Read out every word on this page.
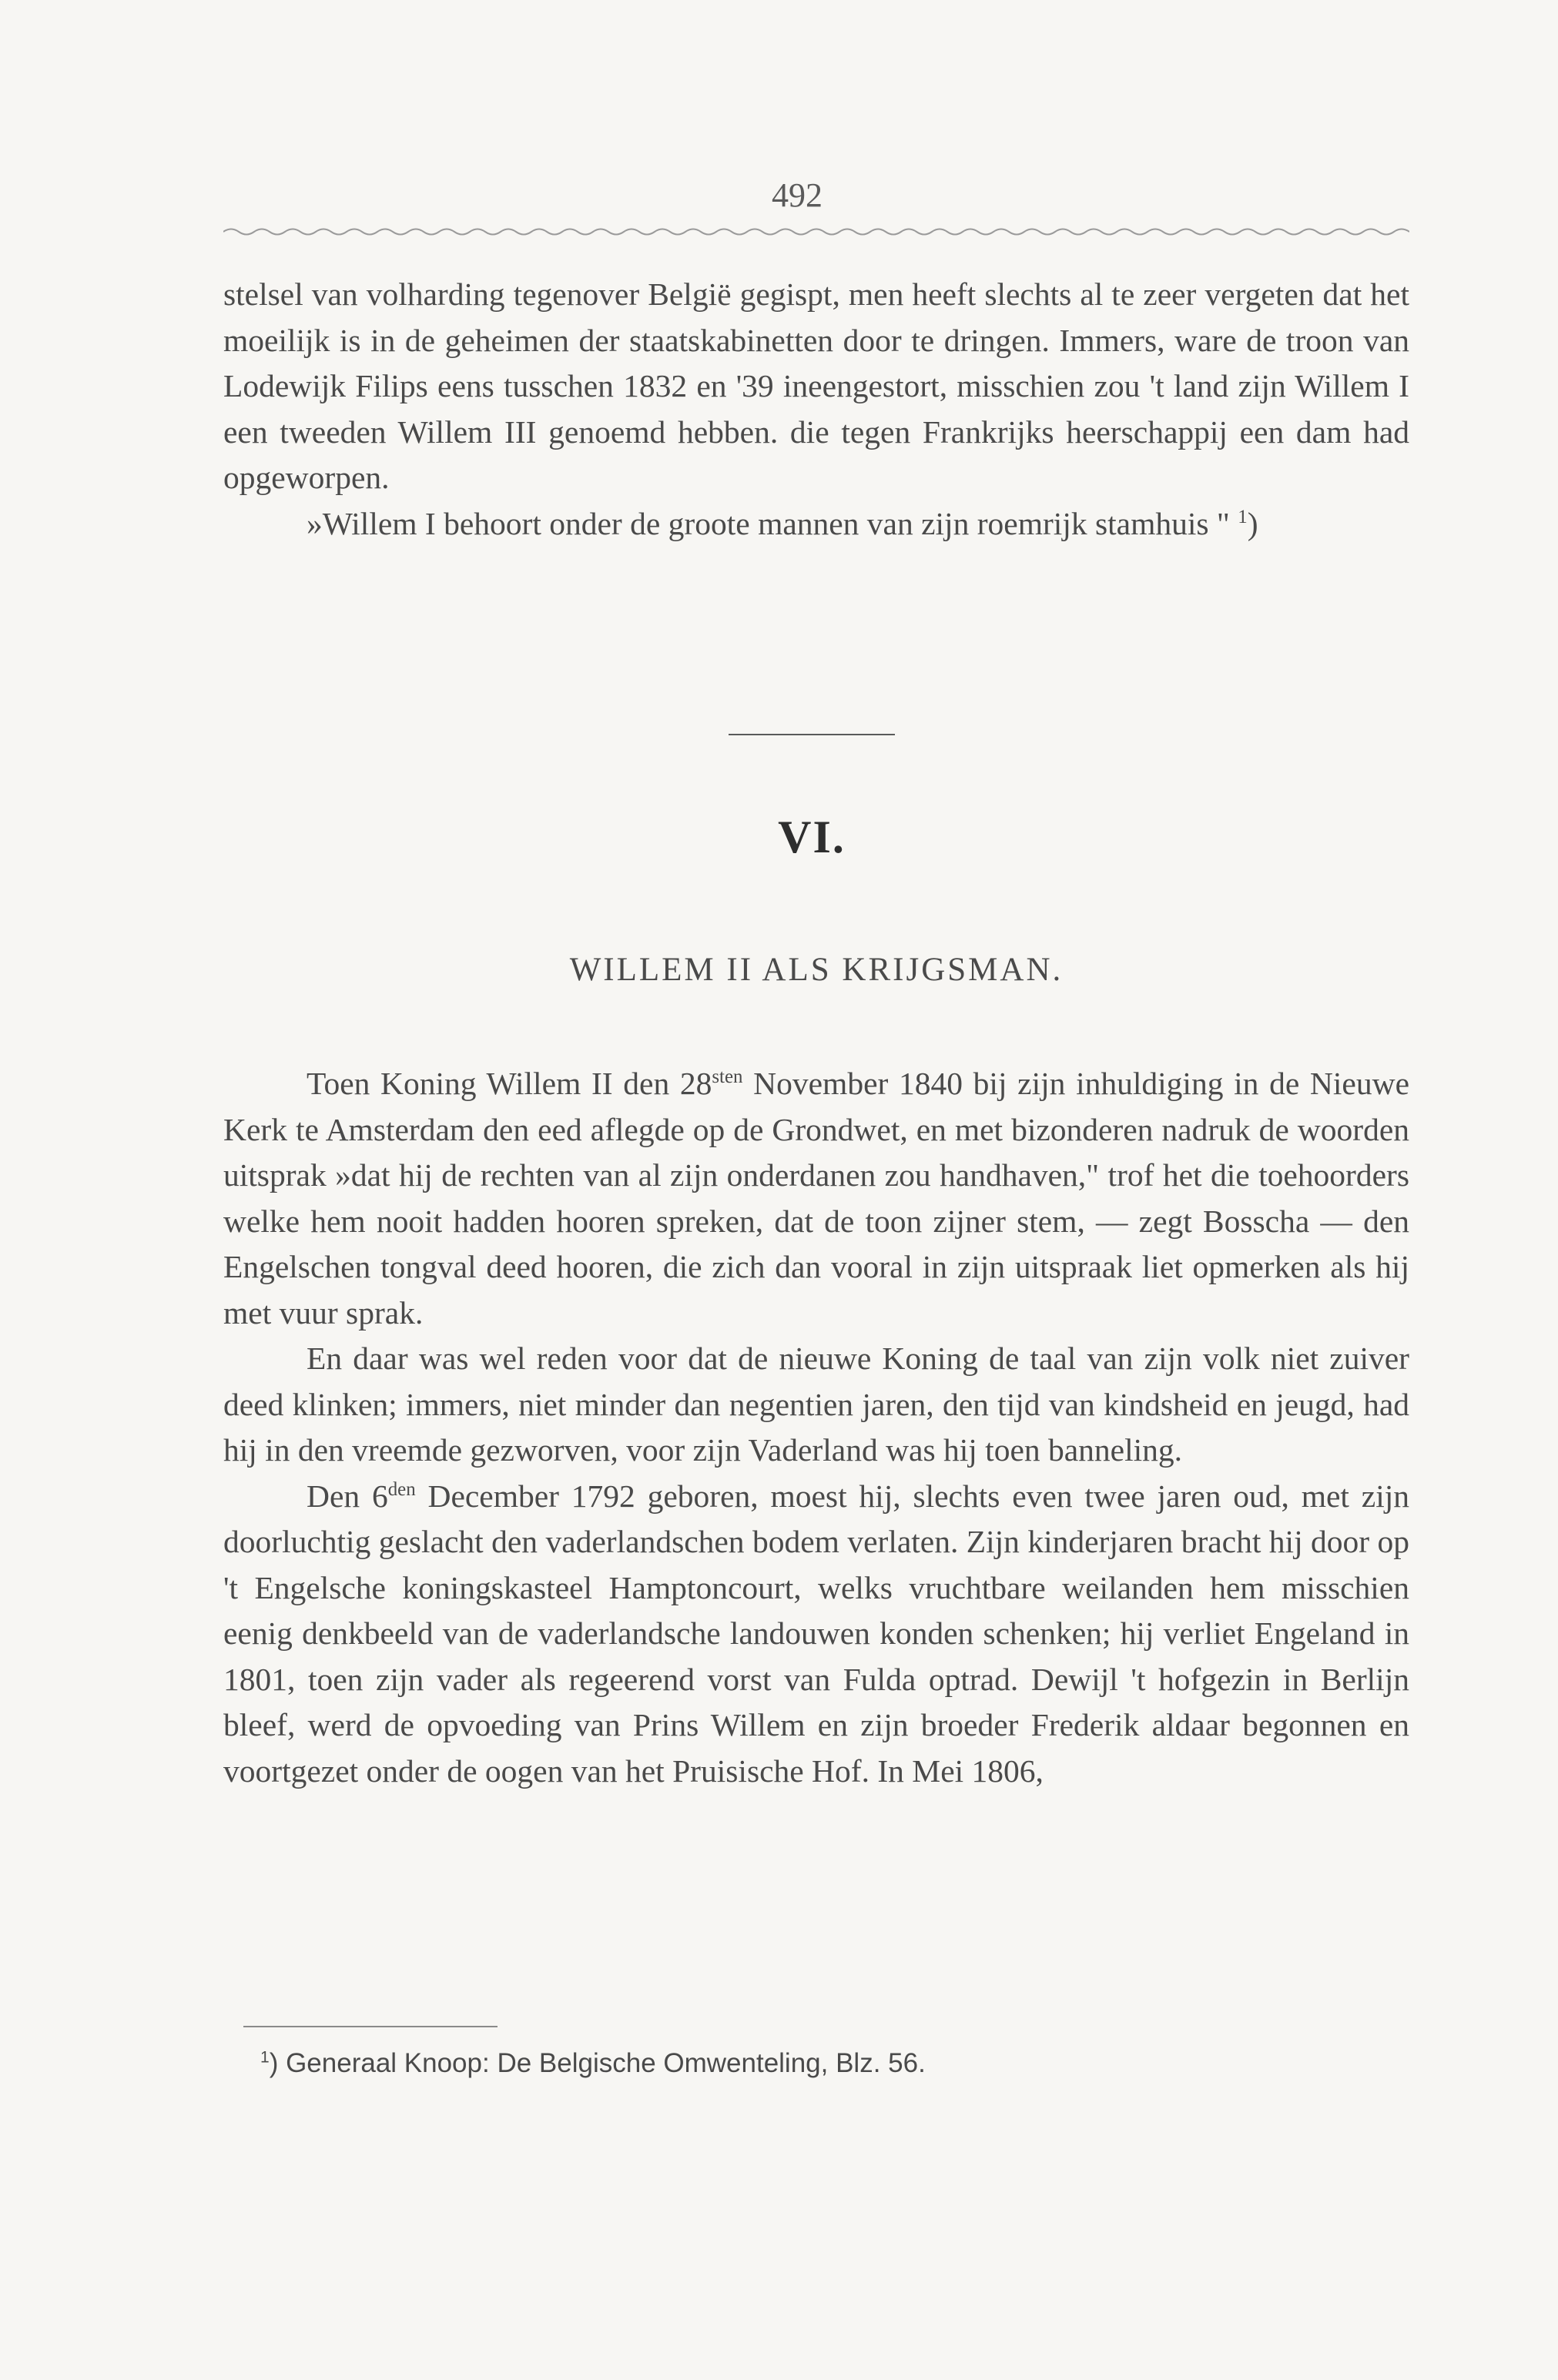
492

stelsel van volharding tegenover België gegispt, men heeft slechts al te zeer vergeten dat het moeilijk is in de geheimen der staatskabinetten door te dringen. Immers, ware de troon van Lodewijk Filips eens tusschen 1832 en '39 ineengestort, misschien zou 't land zijn Willem I een tweeden Willem III genoemd hebben. die tegen Frankrijks heerschappij een dam had opgeworpen.

»Willem I behoort onder de groote mannen van zijn roemrijk stamhuis " $^1$)

VI.
WILLEM II ALS KRIJGSMAN.

Toen Koning Willem II den $28^{sten}$ November 1840 bij zijn inhuldiging in de Nieuwe Kerk te Amsterdam den eed aflegde op de Grondwet, en met bizonderen nadruk de woorden uitsprak »dat hij de rechten van al zijn onderdanen zou handhaven," trof het die toehoorders welke hem nooit hadden hooren spreken, dat de toon zijner stem, — zegt Bosscha — den Engelschen tongval deed hooren, die zich dan vooral in zijn uitspraak liet opmerken als hij met vuur sprak.

En daar was wel reden voor dat de nieuwe Koning de taal van zijn volk niet zuiver deed klinken; immers, niet minder dan negentien jaren, den tijd van kindsheid en jeugd, had hij in den vreemde gezworven, voor zijn Vaderland was hij toen banneling.

Den $6^{den}$ December 1792 geboren, moest hij, slechts even twee jaren oud, met zijn doorluchtig geslacht den vaderlandschen bodem verlaten. Zijn kinderjaren bracht hij door op 't Engelsche koningskasteel Hamptoncourt, welks vruchtbare weilanden hem misschien eenig denkbeeld van de vaderlandsche landouwen konden schenken; hij verliet Engeland in 1801, toen zijn vader als regeerend vorst van Fulda optrad. Dewijl 't hofgezin in Berlijn bleef, werd de opvoeding van Prins Willem en zijn broeder Frederik aldaar begonnen en voortgezet onder de oogen van het Pruisische Hof. In Mei 1806,

$^1$) Generaal Knoop: De Belgische Omwenteling, Blz. 56.
